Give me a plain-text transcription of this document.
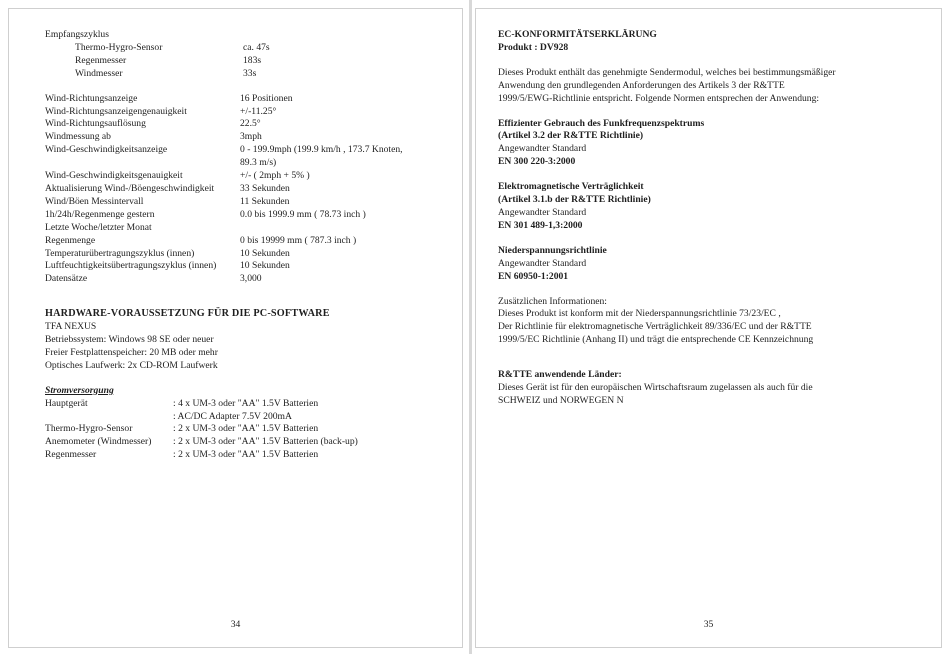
Empfangszyklus
Thermo-Hygro-Sensor	ca. 47s
Regenmesser	183s
Windmesser	33s
Wind-Richtungsanzeige	16 Positionen
Wind-Richtungsanzeigengenauigkeit	+/-11.25°
Wind-Richtungsauflösung	22.5°
Windmessung ab	3mph
Wind-Geschwindigkeitsanzeige	0 - 199.9mph (199.9 km/h , 173.7 Knoten,
89.3 m/s)
Wind-Geschwindigkeitsgenauigkeit	+/- ( 2mph + 5% )
Aktualisierung Wind-/Böengeschwindigkeit	33 Sekunden
Wind/Böen Messintervall	11 Sekunden
1h/24h/Regenmenge gestern	0.0 bis 1999.9 mm ( 78.73 inch )
Letzte Woche/letzter Monat
Regenmenge	0 bis 19999 mm ( 787.3 inch )
Temperaturübertragungszyklus (innen)	10 Sekunden
Luftfeuchtigkeitsübertragungszyklus (innen)	10 Sekunden
Datensätze	3,000
HARDWARE-VORAUSSETZUNG FÜR DIE PC-SOFTWARE
TFA NEXUS
Betriebssystem: Windows 98 SE oder neuer
Freier Festplattenspeicher: 20 MB oder mehr
Optisches Laufwerk: 2x CD-ROM Laufwerk
Stromversorgung
Hauptgerät	: 4 x UM-3 oder "AA" 1.5V Batterien
: AC/DC Adapter 7.5V 200mA
Thermo-Hygro-Sensor	: 2 x UM-3 oder "AA" 1.5V Batterien
Anemometer (Windmesser)	: 2 x UM-3 oder "AA" 1.5V Batterien (back-up)
Regenmesser	: 2 x UM-3 oder "AA" 1.5V Batterien
34
EC-KONFORMITÄTSERKLÄRUNG
Produkt : DV928

Dieses Produkt enthält das genehmigte Sendermodul, welches bei bestimmungsmäßiger

Anwendung den grundlegenden Anforderungen des Artikels 3 der R&TTE

1999/5/EWG-Richtlinie entspricht. Folgende Normen entsprechen der Anwendung:

Effizienter Gebrauch des Funkfrequenzspektrums
(Artikel 3.2 der R&TTE Richtlinie)

Angewandter Standard

EN 300 220-3:2000

Elektromagnetische Verträglichkeit
(Artikel 3.1.b der R&TTE Richtlinie)

Angewandter Standard

EN 301 489-1,3:2000

Niederspannungsrichtlinie

Angewandter Standard

EN 60950-1:2001

Zusätzlichen Informationen:

Dieses Produkt ist konform mit der Niederspannungsrichtlinie 73/23/EC ,

Der Richtlinie für elektromagnetische Verträglichkeit 89/336/EC und der R&TTE

1999/5/EC Richtlinie (Anhang II) und trägt die entsprechende CE Kennzeichnung

R&TTE anwendende Länder:

Dieses Gerät ist für den europäischen Wirtschaftsraum zugelassen als auch für die

SCHWEIZ und NORWEGEN N

35
